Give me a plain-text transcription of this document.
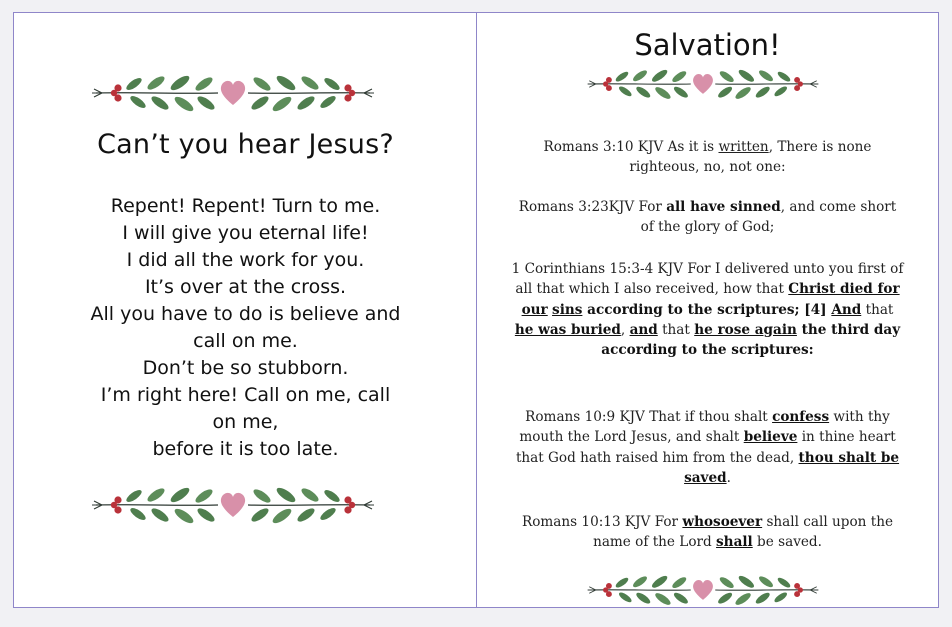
Can’t you hear Jesus?
Repent! Repent! Turn to me.
I will give you eternal life!
I did all the work for you.
It’s over at the cross.
All you have to do is believe and
call on me.
Don’t be so stubborn.
I’m right here! Call on me, call
on me,
before it is too late.
Salvation!
Romans 3:10 KJV As it is written, There is none righteous, no, not one:
Romans 3:23KJV For all have sinned, and come short of the glory of God;
1 Corinthians 15:3-4 KJV For I delivered unto you first of all that which I also received, how that Christ died for our sins according to the scriptures; [4] And that he was buried, and that he rose again the third day according to the scriptures:
Romans 10:9 KJV That if thou shalt confess with thy mouth the Lord Jesus, and shalt believe in thine heart that God hath raised him from the dead, thou shalt be saved.
Romans 10:13 KJV For whosoever shall call upon the name of the Lord shall be saved.
